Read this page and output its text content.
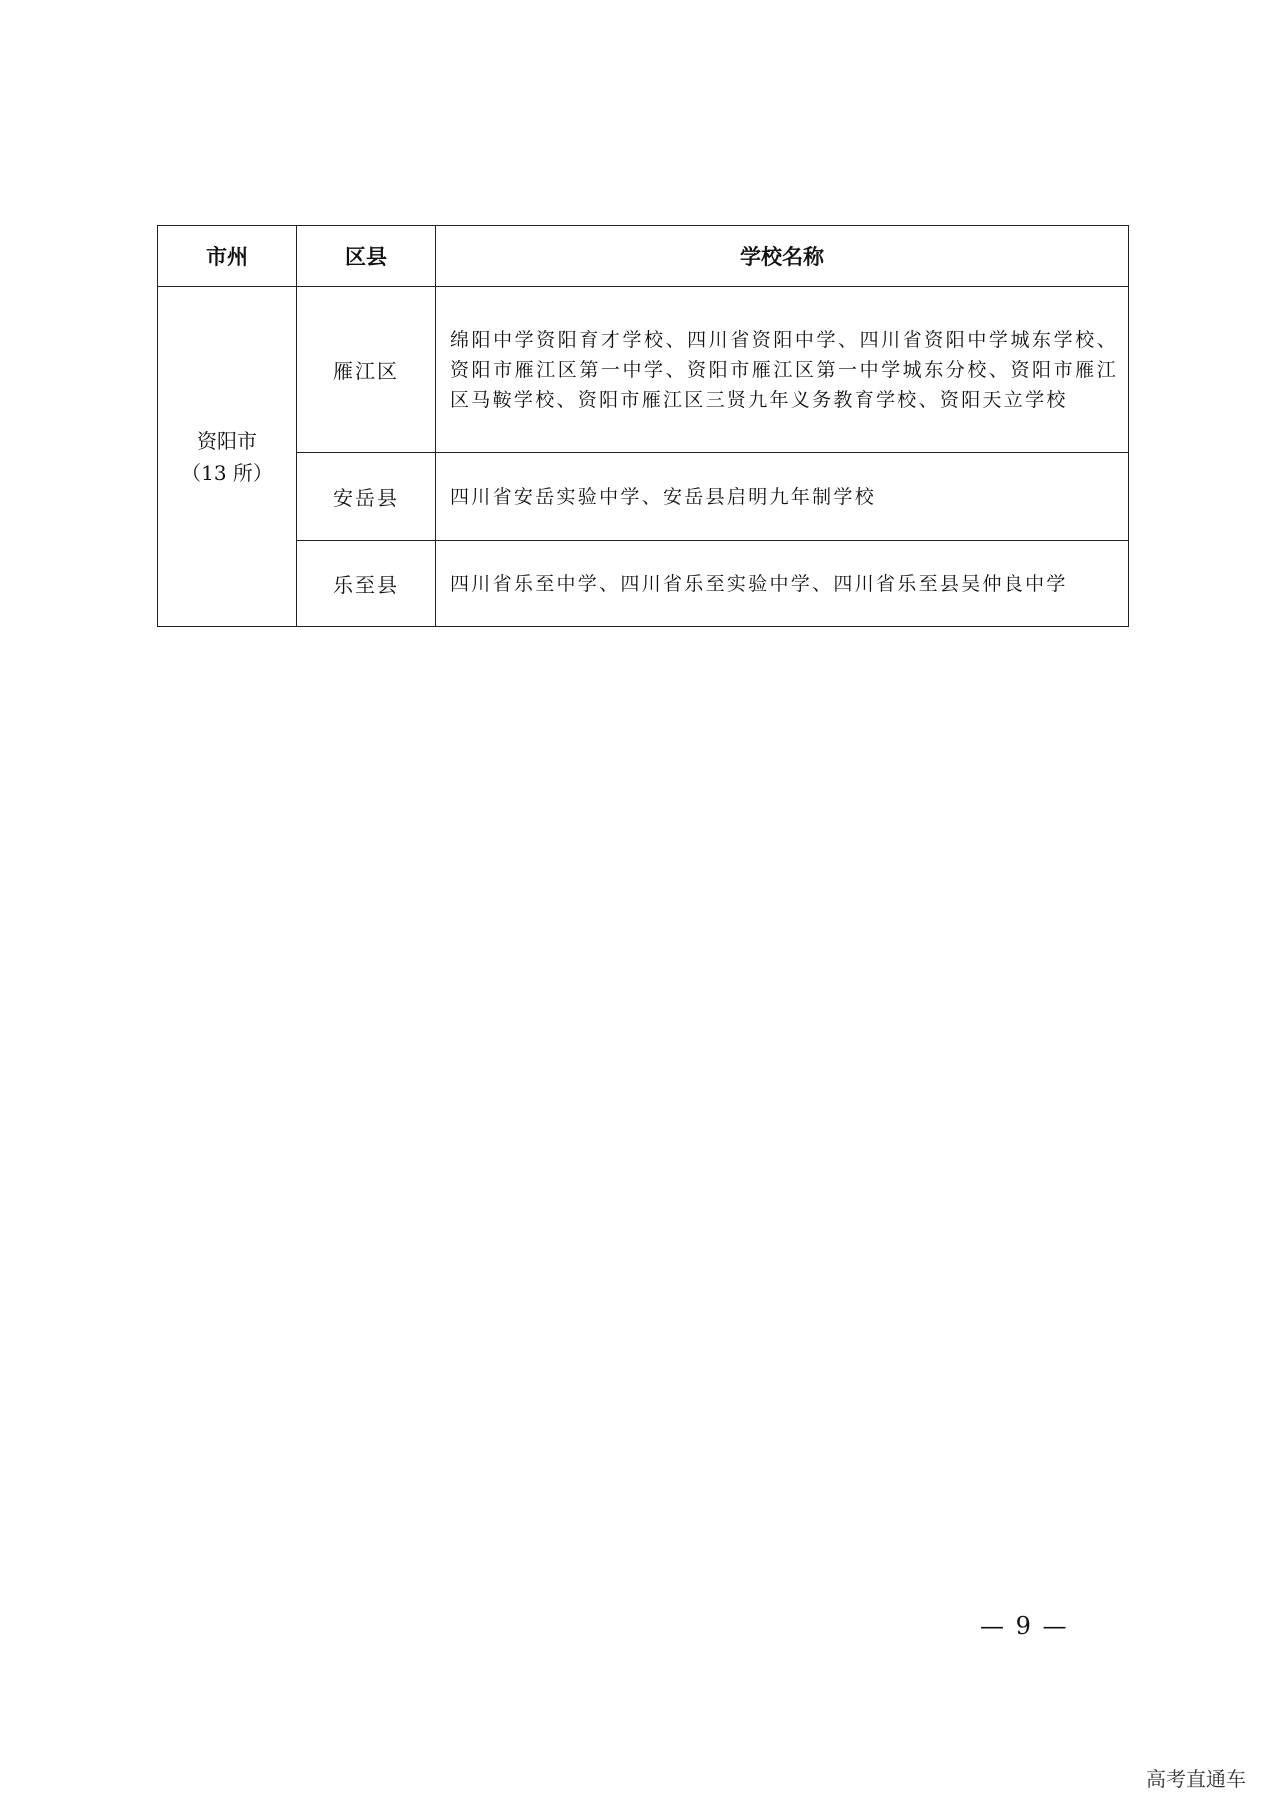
市州	区县	学校名称

资阳市
（13 所）	雁江区	绵阳中学资阳育才学校、四川省资阳中学、四川省资阳中学城东学校、资阳市雁江区第一中学、资阳市雁江区第一中学城东分校、资阳市雁江区马鞍学校、资阳市雁江区三贤九年义务教育学校、资阳天立学校
	安岳县	四川省安岳实验中学、安岳县启明九年制学校
	乐至县	四川省乐至中学、四川省乐至实验中学、四川省乐至县吴仲良中学
— 9 —
高考直通车
